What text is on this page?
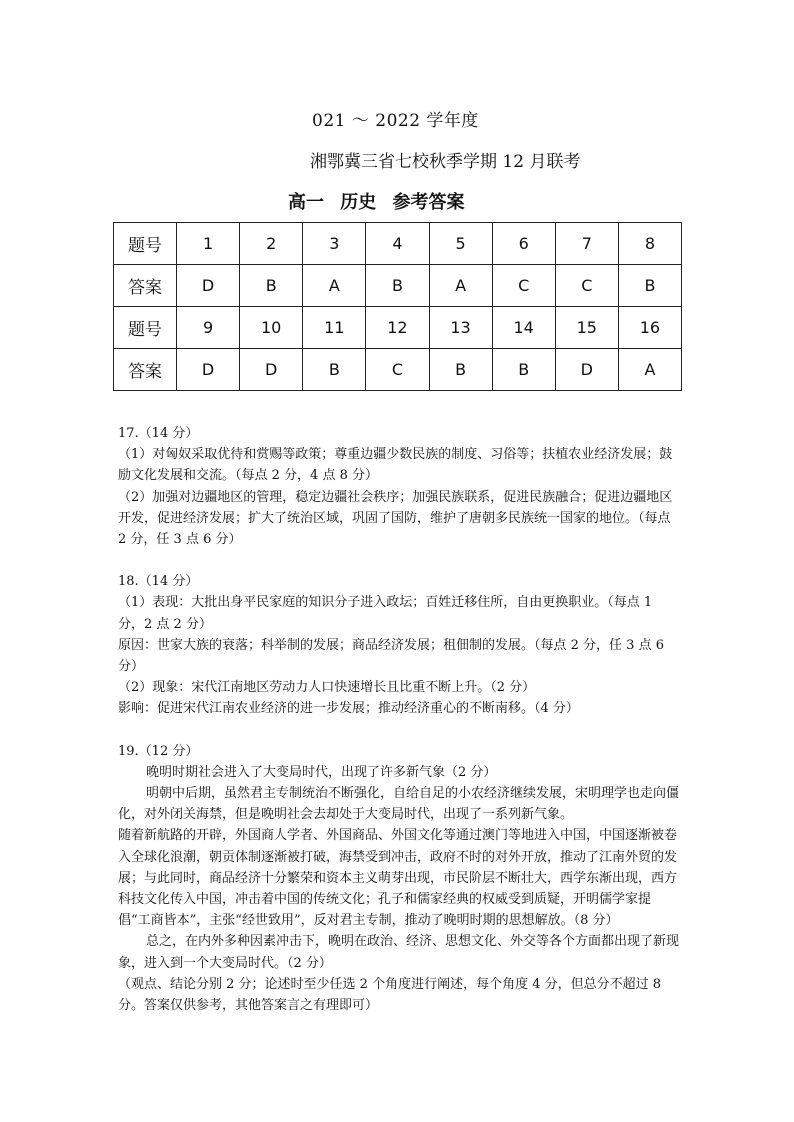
021 ～ 2022 学年度
湘鄂冀三省七校秋季学期 12 月联考
高一 历史 参考答案
题号	1	2	3	4	5	6	7	8
答案	D	B	A	B	A	C	C	B
题号	9	10	11	12	13	14	15	16
答案	D	D	B	C	B	B	D	A

17.（14 分）

（1）对匈奴采取优待和赏赐等政策；尊重边疆少数民族的制度、习俗等；扶植农业经济发展；鼓励文化发展和交流。（每点 2 分，4 点 8 分）

（2）加强对边疆地区的管理，稳定边疆社会秩序；加强民族联系，促进民族融合；促进边疆地区开发，促进经济发展；扩大了统治区域，巩固了国防，维护了唐朝多民族统一国家的地位。（每点 2 分，任 3 点 6 分）

18.（14 分）

（1）表现：大批出身平民家庭的知识分子进入政坛；百姓迁移住所，自由更换职业。（每点 1 分，2 点 2 分）

原因：世家大族的衰落；科举制的发展；商品经济发展；租佃制的发展。（每点 2 分，任 3 点 6 分）

（2）现象：宋代江南地区劳动力人口快速增长且比重不断上升。（2 分）

影响：促进宋代江南农业经济的进一步发展；推动经济重心的不断南移。（4 分）

19.（12 分）

晚明时期社会进入了大变局时代，出现了许多新气象（2 分）

明朝中后期，虽然君主专制统治不断强化，自给自足的小农经济继续发展，宋明理学也走向僵化，对外闭关海禁，但是晚明社会去却处于大变局时代，出现了一系列新气象。

随着新航路的开辟，外国商人学者、外国商品、外国文化等通过澳门等地进入中国，中国逐渐被卷入全球化浪潮，朝贡体制逐渐被打破，海禁受到冲击，政府不时的对外开放，推动了江南外贸的发展；与此同时，商品经济十分繁荣和资本主义萌芽出现，市民阶层不断壮大，西学东渐出现，西方科技文化传入中国，冲击着中国的传统文化；孔子和儒家经典的权威受到质疑，开明儒学家提倡“工商皆本”，主张“经世致用”，反对君主专制，推动了晚明时期的思想解放。（8 分）

总之，在内外多种因素冲击下，晚明在政治、经济、思想文化、外交等各个方面都出现了新现象，进入到一个大变局时代。（2 分）

（观点、结论分别 2 分；论述时至少任选 2 个角度进行阐述，每个角度 4 分，但总分不超过 8 分。答案仅供参考，其他答案言之有理即可）
